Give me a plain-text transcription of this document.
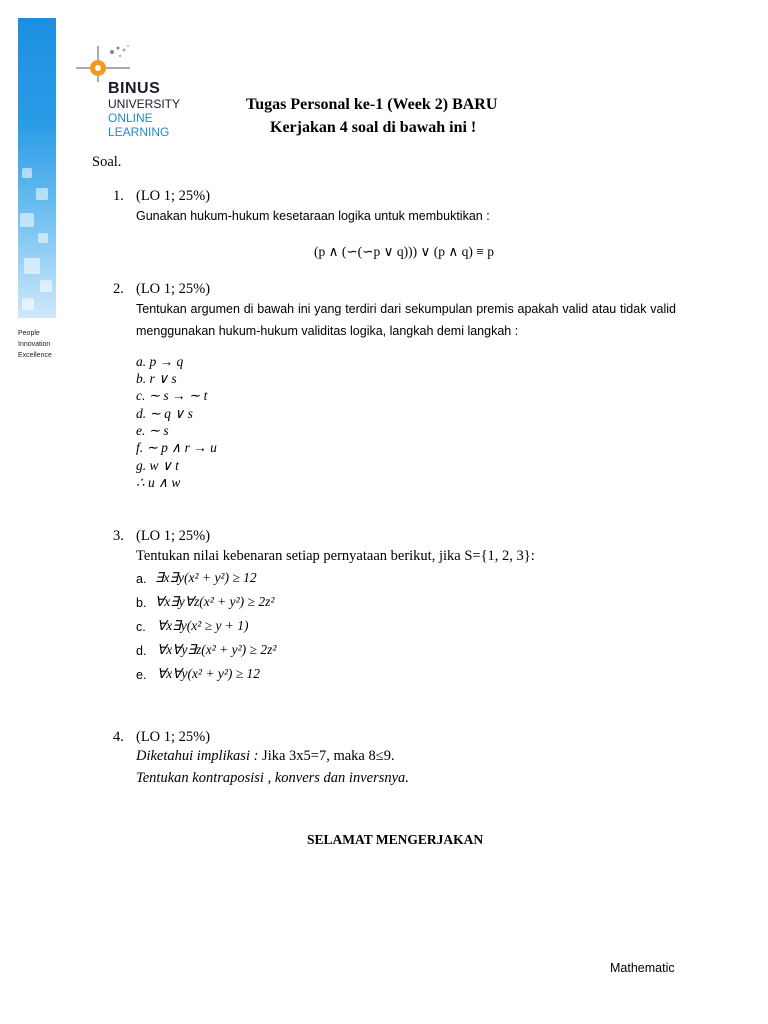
People
Innovation
Excellence
BINUS
UNIVERSITY
ONLINE
LEARNING
Tugas Personal ke-1 (Week 2) BARU
Kerjakan 4 soal di bawah ini !
Soal.
1. (LO 1; 25%)
Gunakan hukum-hukum kesetaraan logika untuk membuktikan :
(p ∧ (∽(∽p ∨ q))) ∨ (p ∧ q) ≡ p
2. (LO 1; 25%)
Tentukan argumen di bawah ini yang terdiri dari sekumpulan premis apakah valid atau tidak valid menggunakan hukum-hukum validitas logika, langkah demi langkah :
a. p → q
b. r ∨ s
c. ∼ s → ∼ t
d. ∼ q ∨ s
e. ∼ s
f. ∼ p ∧ r → u
g. w ∨ t
∴ u ∧ w
3. (LO 1; 25%)
Tentukan nilai kebenaran setiap pernyataan berikut, jika S={1, 2, 3}:
a. ∃x∃y(x² + y²) ≥ 12
b. ∀x∃y∀z(x² + y²) ≥ 2z²
c. ∀x∃y(x² ≥ y + 1)
d. ∀x∀y∃z(x² + y²) ≥ 2z²
e. ∀x∀y(x² + y²) ≥ 12
4. (LO 1; 25%)
Diketahui implikasi : Jika 3x5=7, maka 8≤9.
Tentukan kontraposisi , konvers dan inversnya.
SELAMAT MENGERJAKAN
Mathematic
